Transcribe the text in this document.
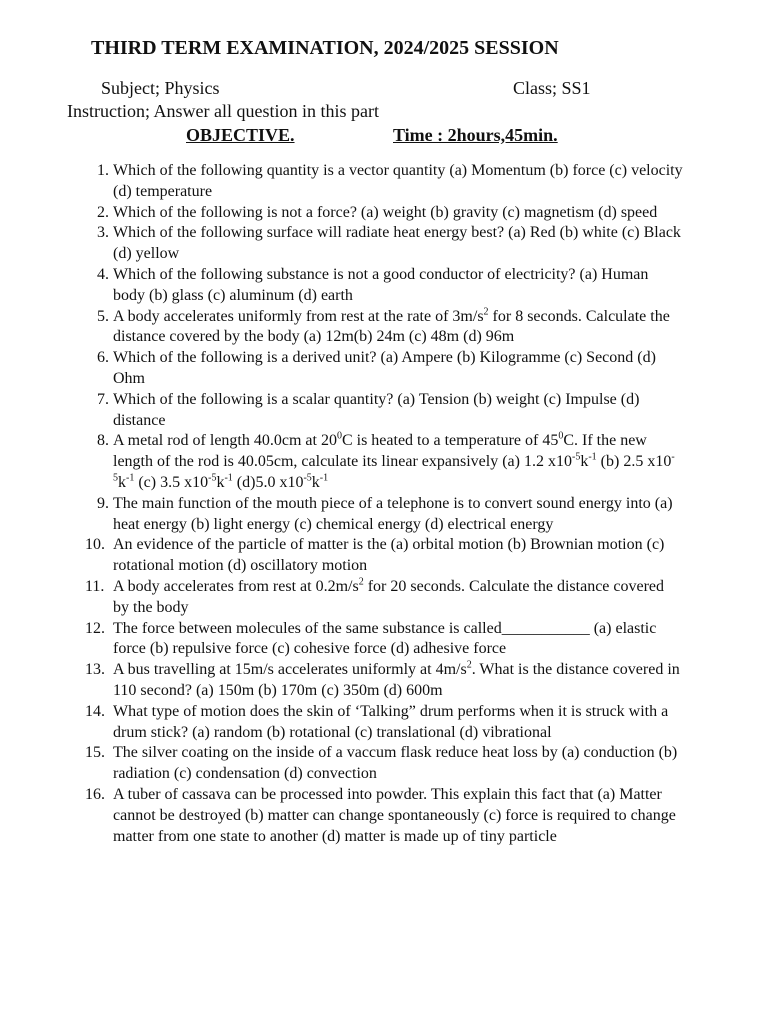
THIRD TERM EXAMINATION, 2024/2025 SESSION
Subject; Physics	Class; SS1
Instruction; Answer all question in this part
OBJECTIVE.	Time : 2hours,45min.
1. Which of the following quantity is a vector quantity (a) Momentum (b) force (c) velocity (d) temperature
2. Which of the following is not a force? (a) weight (b) gravity (c) magnetism (d) speed
3. Which of the following surface will radiate heat energy best? (a) Red (b) white (c) Black (d) yellow
4. Which of the following substance is not a good conductor of electricity? (a) Human body (b) glass (c) aluminum (d) earth
5. A body accelerates uniformly from rest at the rate of $3m/s^2$ for 8 seconds. Calculate the distance covered by the body (a) 12m(b) 24m (c) 48m (d) 96m
6. Which of the following is a derived unit? (a) Ampere (b) Kilogramme (c) Second (d) Ohm
7. Which of the following is a scalar quantity? (a) Tension (b) weight (c) Impulse (d) distance
8. A metal rod of length 40.0cm at $20^0C$ is heated to a temperature of $45^0C$. If the new length of the rod is 40.05cm, calculate its linear expansively (a) 1.2 $x10^{-5}k^{-1}$ (b) 2.5 $x10^{-5}k^{-1}$ (c) 3.5 $x10^{-5}k^{-1}$ (d)5.0 $x10^{-5}k^{-1}$
9. The main function of the mouth piece of a telephone is to convert sound energy into (a) heat energy (b) light energy (c) chemical energy (d) electrical energy
10. An evidence of the particle of matter is the (a) orbital motion (b) Brownian motion (c) rotational motion (d) oscillatory motion
11. A body accelerates from rest at $0.2m/s^2$ for 20 seconds. Calculate the distance covered by the body
12. The force between molecules of the same substance is called___________ (a) elastic force (b) repulsive force (c) cohesive force (d) adhesive force
13. A bus travelling at 15m/s accelerates uniformly at $4m/s^2$. What is the distance covered in 110 second? (a) 150m (b) 170m (c) 350m (d) 600m
14. What type of motion does the skin of ‘Talking” drum performs when it is struck with a drum stick? (a) random (b) rotational (c) translational (d) vibrational
15. The silver coating on the inside of a vaccum flask reduce heat loss by (a) conduction (b) radiation (c) condensation (d) convection
16. A tuber of cassava can be processed into powder. This explain this fact that (a) Matter cannot be destroyed (b) matter can change spontaneously (c) force is required to change matter from one state to another (d) matter is made up of tiny particle
